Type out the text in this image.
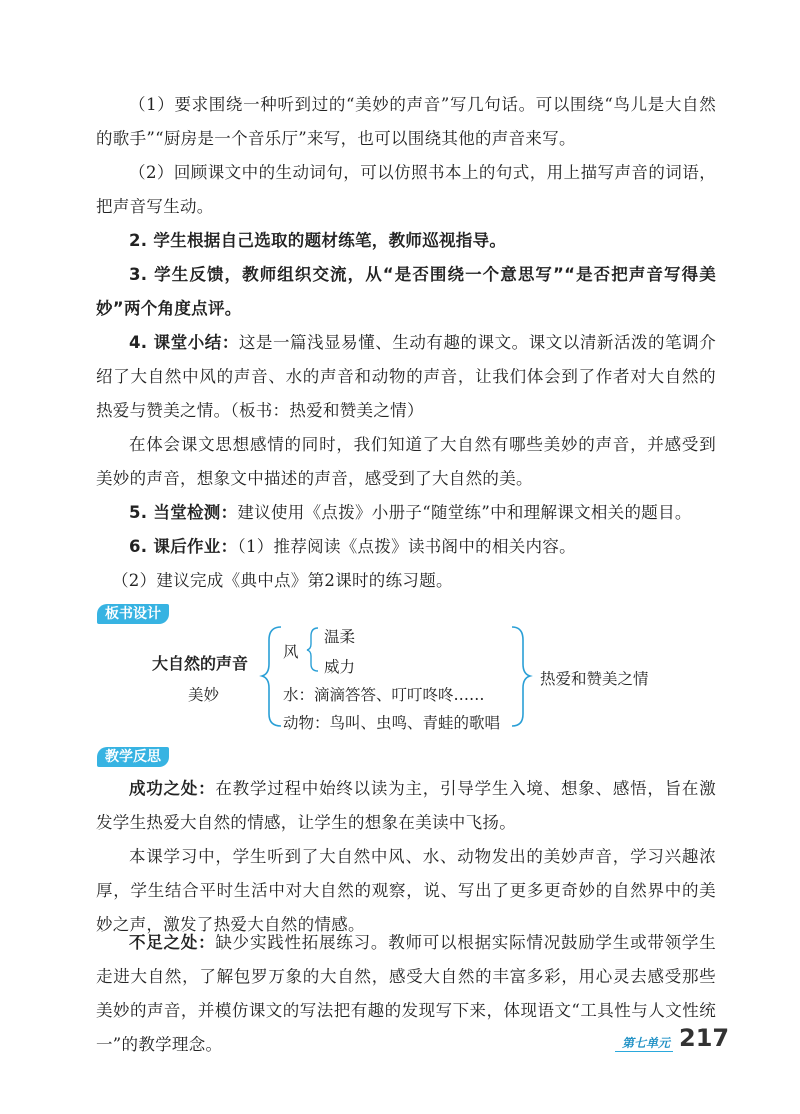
（1）要求围绕一种听到过的“美妙的声音”写几句话。可以围绕“鸟儿是大自然的歌手”“厨房是一个音乐厅”来写，也可以围绕其他的声音来写。

（2）回顾课文中的生动词句，可以仿照书本上的句式，用上描写声音的词语，把声音写生动。

2. 学生根据自己选取的题材练笔，教师巡视指导。

3. 学生反馈，教师组织交流，从“是否围绕一个意思写”“是否把声音写得美妙”两个角度点评。

4. 课堂小结：这是一篇浅显易懂、生动有趣的课文。课文以清新活泼的笔调介绍了大自然中风的声音、水的声音和动物的声音，让我们体会到了作者对大自然的热爱与赞美之情。（板书：热爱和赞美之情）

在体会课文思想感情的同时，我们知道了大自然有哪些美妙的声音，并感受到美妙的声音，想象文中描述的声音，感受到了大自然的美。

5. 当堂检测：建议使用《点拨》小册子“随堂练”中和理解课文相关的题目。

6. 课后作业：（1）推荐阅读《点拨》读书阁中的相关内容。

（2）建议完成《典中点》第2课时的练习题。

板书设计
大自然的声音
美妙
风
温柔
威力
水：滴滴答答、叮叮咚咚……
动物：鸟叫、虫鸣、青蛙的歌唱
热爱和赞美之情
教学反思

成功之处：在教学过程中始终以读为主，引导学生入境、想象、感悟，旨在激发学生热爱大自然的情感，让学生的想象在美读中飞扬。

本课学习中，学生听到了大自然中风、水、动物发出的美妙声音，学习兴趣浓厚，学生结合平时生活中对大自然的观察，说、写出了更多更奇妙的自然界中的美妙之声，激发了热爱大自然的情感。

不足之处：缺少实践性拓展练习。教师可以根据实际情况鼓励学生或带领学生走进大自然，了解包罗万象的大自然，感受大自然的丰富多彩，用心灵去感受那些美妙的声音，并模仿课文的写法把有趣的发现写下来，体现语文“工具性与人文性统一”的教学理念。	第七单元 217
